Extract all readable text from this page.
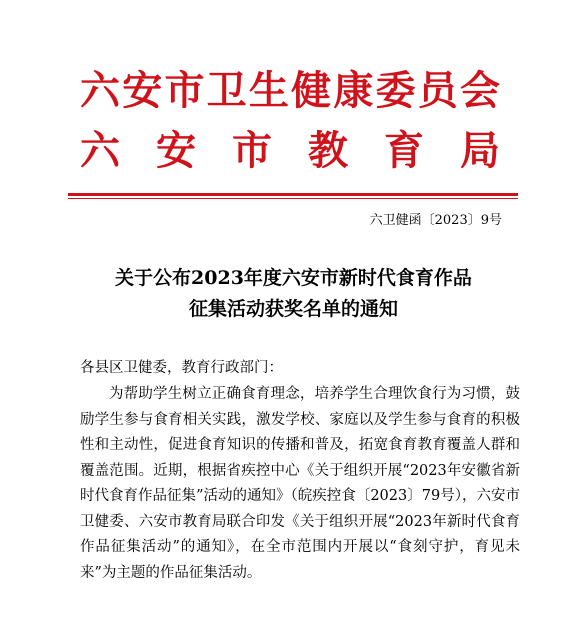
六 安 市 卫 生 健 康 委 员 会
六 安 市 教 育 局
六卫健函〔2023〕9号
关于公布2023年度六安市新时代食育作品
征集活动获奖名单的通知
各县区卫健委，教育行政部门：
为帮助学生树立正确食育理念，培养学生合理饮食行为习惯，鼓励学生参与食育相关实践，激发学校、家庭以及学生参与食育的积极性和主动性，促进食育知识的传播和普及，拓宽食育教育覆盖人群和覆盖范围。近期，根据省疾控中心《关于组织开展“2023年安徽省新时代食育作品征集”活动的通知》（皖疾控食〔2023〕79号），六安市卫健委、六安市教育局联合印发《关于组织开展“2023年新时代食育作品征集活动”的通知》，在全市范围内开展以“食刻守护，育见未来”为主题的作品征集活动。
